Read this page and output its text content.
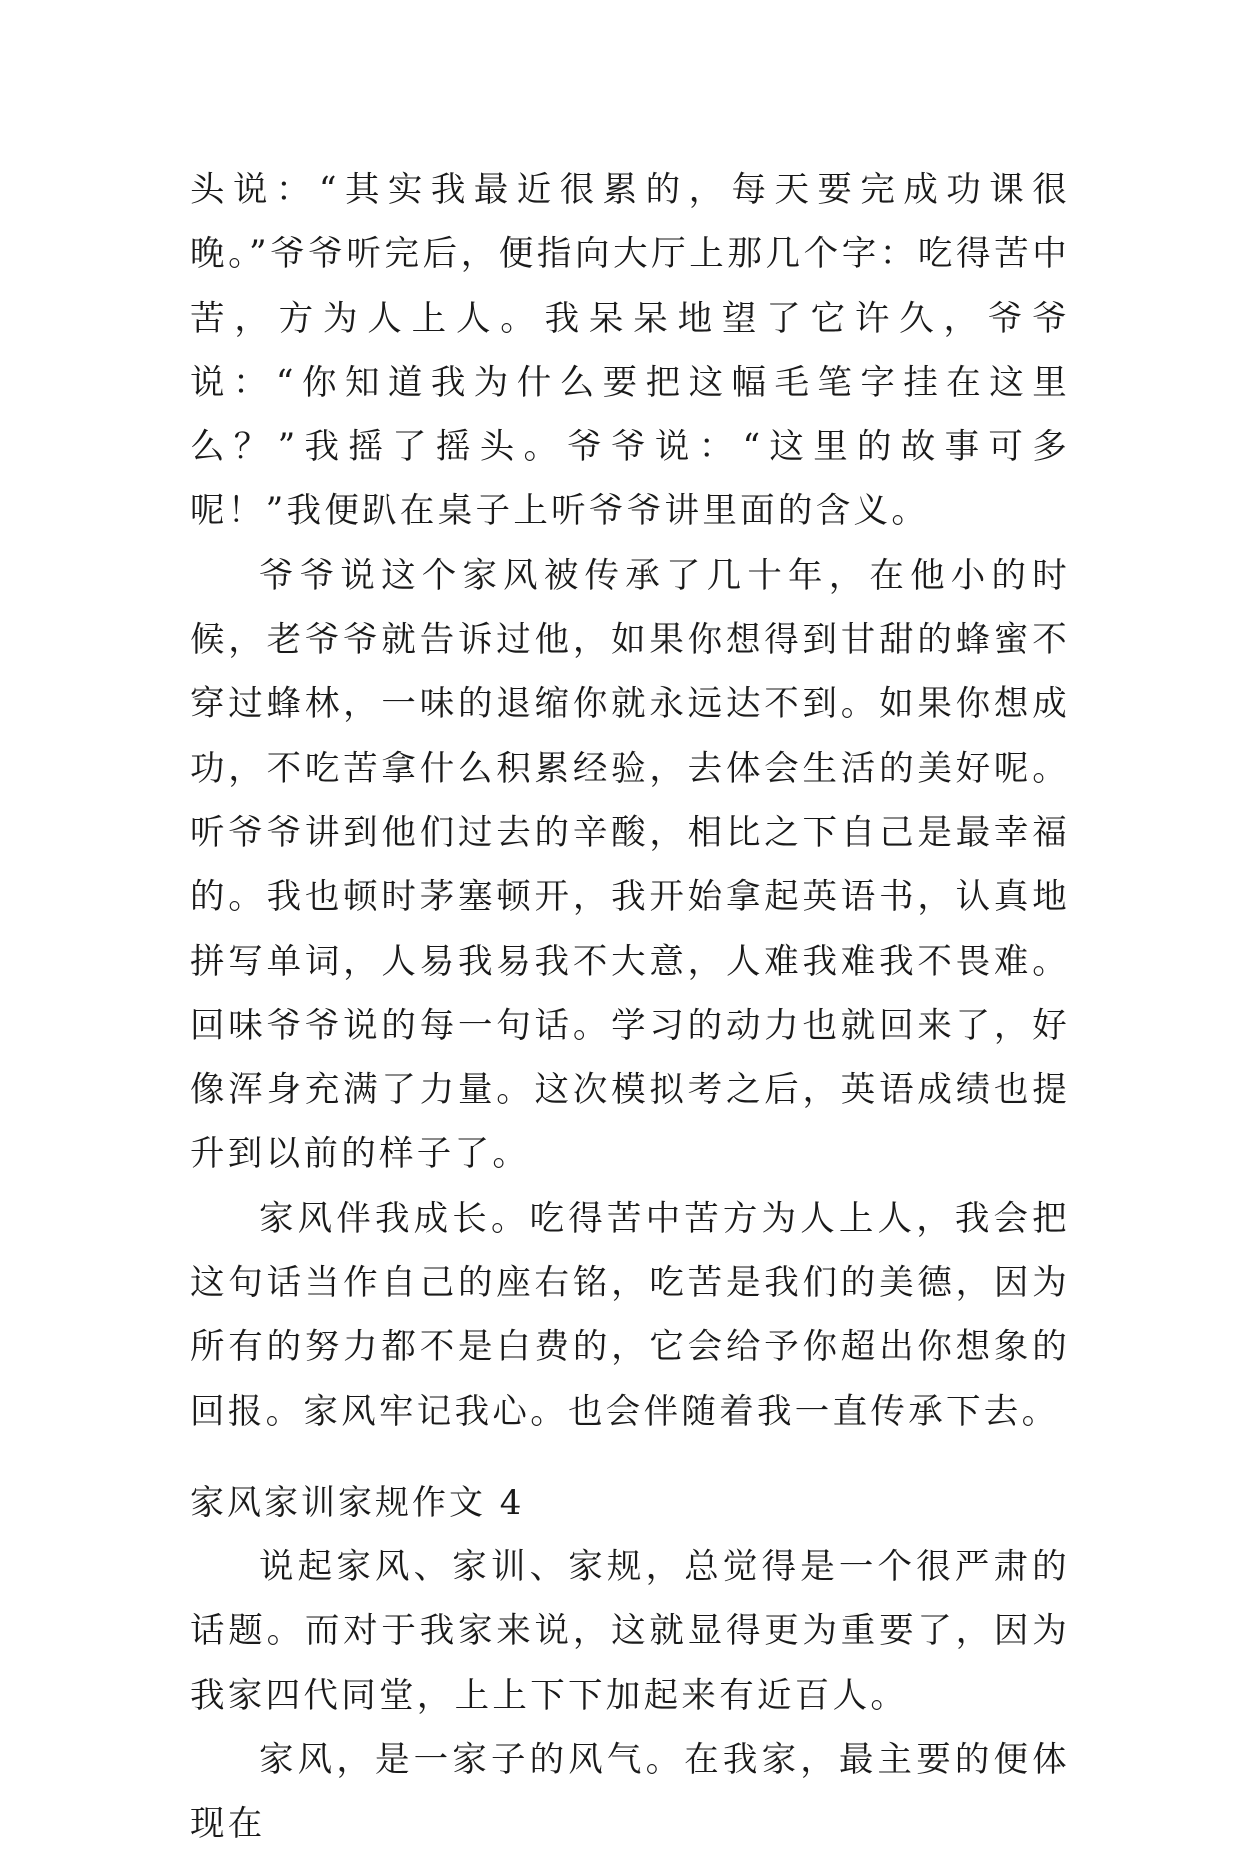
头说：“其实我最近很累的，每天要完成功课很晚。”爷爷听完后，便指向大厅上那几个字：吃得苦中苦，方为人上人。我呆呆地望了它许久，爷爷说：“你知道我为什么要把这幅毛笔字挂在这里么？”我摇了摇头。爷爷说：“这里的故事可多呢！”我便趴在桌子上听爷爷讲里面的含义。

爷爷说这个家风被传承了几十年，在他小的时候，老爷爷就告诉过他，如果你想得到甘甜的蜂蜜不穿过蜂林，一味的退缩你就永远达不到。如果你想成功，不吃苦拿什么积累经验，去体会生活的美好呢。听爷爷讲到他们过去的辛酸，相比之下自己是最幸福的。我也顿时茅塞顿开，我开始拿起英语书，认真地拼写单词，人易我易我不大意，人难我难我不畏难。回味爷爷说的每一句话。学习的动力也就回来了，好像浑身充满了力量。这次模拟考之后，英语成绩也提升到以前的样子了。

家风伴我成长。吃得苦中苦方为人上人，我会把这句话当作自己的座右铭，吃苦是我们的美德，因为所有的努力都不是白费的，它会给予你超出你想象的回报。家风牢记我心。也会伴随着我一直传承下去。

家风家训家规作文 4

说起家风、家训、家规，总觉得是一个很严肃的话题。而对于我家来说，这就显得更为重要了，因为我家四代同堂，上上下下加起来有近百人。

家风，是一家子的风气。在我家，最主要的便体现在
